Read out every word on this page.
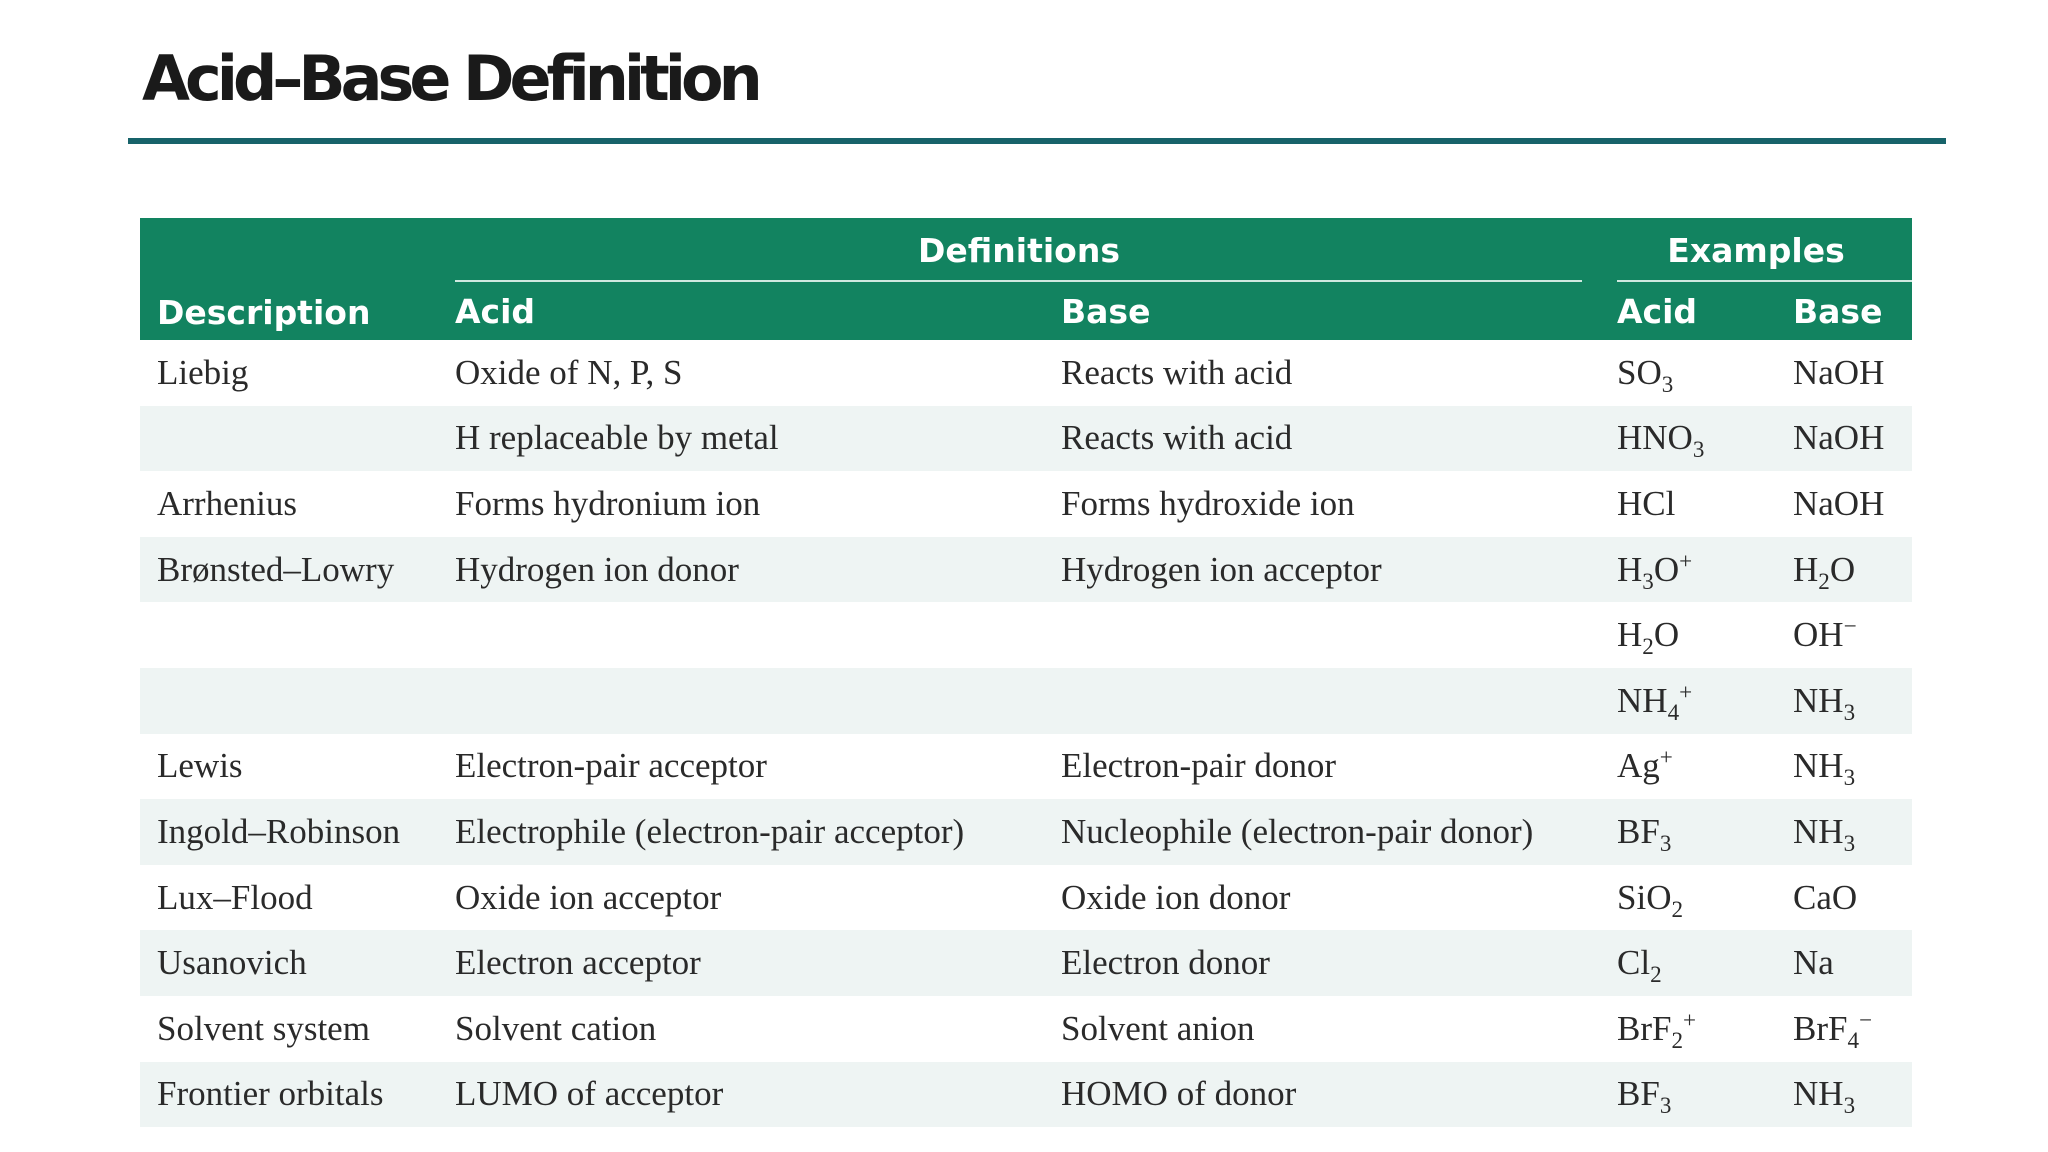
Acid–Base Definition
Description	Definitions		Examples	
	Acid	Base	Acid	Base
Liebig	Oxide of N, P, S	Reacts with acid	$SO_3$	NaOH
	H replaceable by metal	Reacts with acid	$HNO_3$	NaOH
Arrhenius	Forms hydronium ion	Forms hydroxide ion	HCl	NaOH
Brønsted–Lowry	Hydrogen ion donor	Hydrogen ion acceptor	$H_3O^+$	$H_2O$
			$H_2O$	OH−
			$NH_4^+$	$NH_3$
Lewis	Electron-pair acceptor	Electron-pair donor	Ag+	$NH_3$
Ingold–Robinson	Electrophile (electron-pair acceptor)	Nucleophile (electron-pair donor)	$BF_3$	$NH_3$
Lux–Flood	Oxide ion acceptor	Oxide ion donor	SiO$_2$	CaO
Usanovich	Electron acceptor	Electron donor	$Cl_2$	Na
Solvent system	Solvent cation	Solvent anion	BrF$_2$+	BrF$_4$−
Frontier orbitals	LUMO of acceptor	HOMO of donor	$BF_3$	$NH_3$
